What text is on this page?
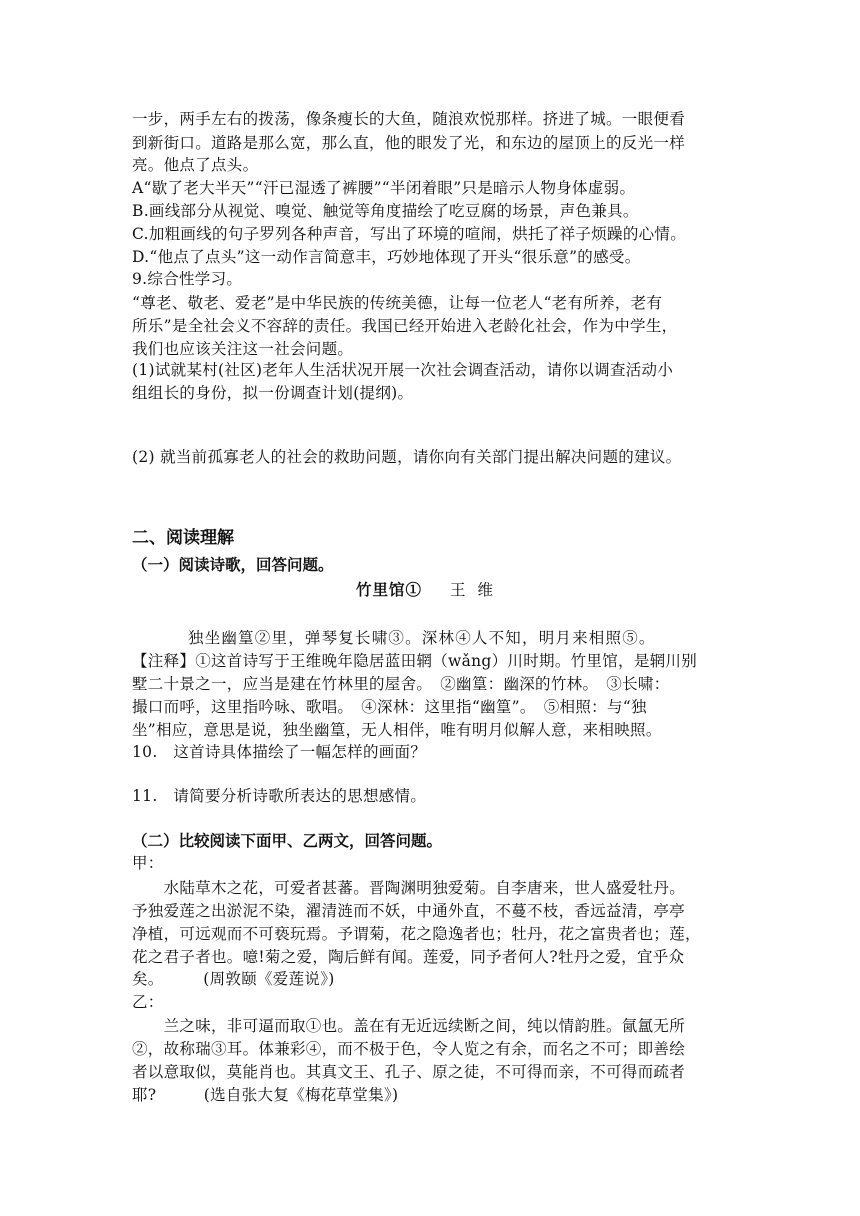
一步，两手左右的拨荡，像条瘦长的大鱼，随浪欢悦那样。挤进了城。一眼便看
到新街口。道路是那么宽，那么直，他的眼发了光，和东边的屋顶上的反光一样
亮。他点了点头。
A“歇了老大半天”“汗已湿透了裤腰”“半闭着眼”只是暗示人物身体虚弱。
B.画线部分从视觉、嗅觉、触觉等角度描绘了吃豆腐的场景，声色兼具。
C.加粗画线的句子罗列各种声音，写出了环境的喧闹，烘托了祥子烦躁的心情。
D.“他点了点头”这一动作言简意丰，巧妙地体现了开头“很乐意”的感受。
9.综合性学习。
“尊老、敬老、爱老”是中华民族的传统美德，让每一位老人“老有所养，老有
所乐”是全社会义不容辞的责任。我国已经开始进入老龄化社会，作为中学生，
我们也应该关注这一社会问题。
(1)试就某村(社区)老年人生活状况开展一次社会调查活动，请你以调查活动小
组组长的身份，拟一份调查计划(提纲)。
(2) 就当前孤寡老人的社会的救助问题，请你向有关部门提出解决问题的建议。
二、阅读理解
（一）阅读诗歌，回答问题。
竹里馆① 王维
独坐幽篁②里，弹琴复长啸③。深林④人不知，明月来相照⑤。
【注释】①这首诗写于王维晚年隐居蓝田辋（wǎng）川时期。竹里馆，是辋川别
墅二十景之一，应当是建在竹林里的屋舍。　②幽篁：幽深的竹林。　③长啸：
撮口而呼，这里指吟咏、歌唱。　④深林：这里指“幽篁”。　⑤相照：与“独
坐”相应，意思是说，独坐幽篁，无人相伴，唯有明月似解人意，来相映照。
10.　这首诗具体描绘了一幅怎样的画面？
11.　请简要分析诗歌所表达的思想感情。
（二）比较阅读下面甲、乙两文，回答问题。
甲：
　　水陆草木之花，可爱者甚蕃。晋陶渊明独爱菊。自李唐来，世人盛爱牡丹。
予独爱莲之出淤泥不染，濯清涟而不妖，中通外直，不蔓不枝，香远益清，亭亭
净植，可远观而不可亵玩焉。予谓菊，花之隐逸者也；牡丹，花之富贵者也；莲，
花之君子者也。噫!菊之爱，陶后鲜有闻。莲爱，同予者何人?牡丹之爱，宜乎众
矣。　　　(周敦颐《爱莲说》)
乙：
　　兰之味，非可逼而取①也。盖在有无近远续断之间，纯以情韵胜。氤氲无所
②，故称瑞③耳。体兼彩④，而不极于色，令人览之有余，而名之不可；即善绘
者以意取似，莫能肖也。其真文王、孔子、原之徒，不可得而亲，不可得而疏者
耶?　　　(选自张大复《梅花草堂集》)
